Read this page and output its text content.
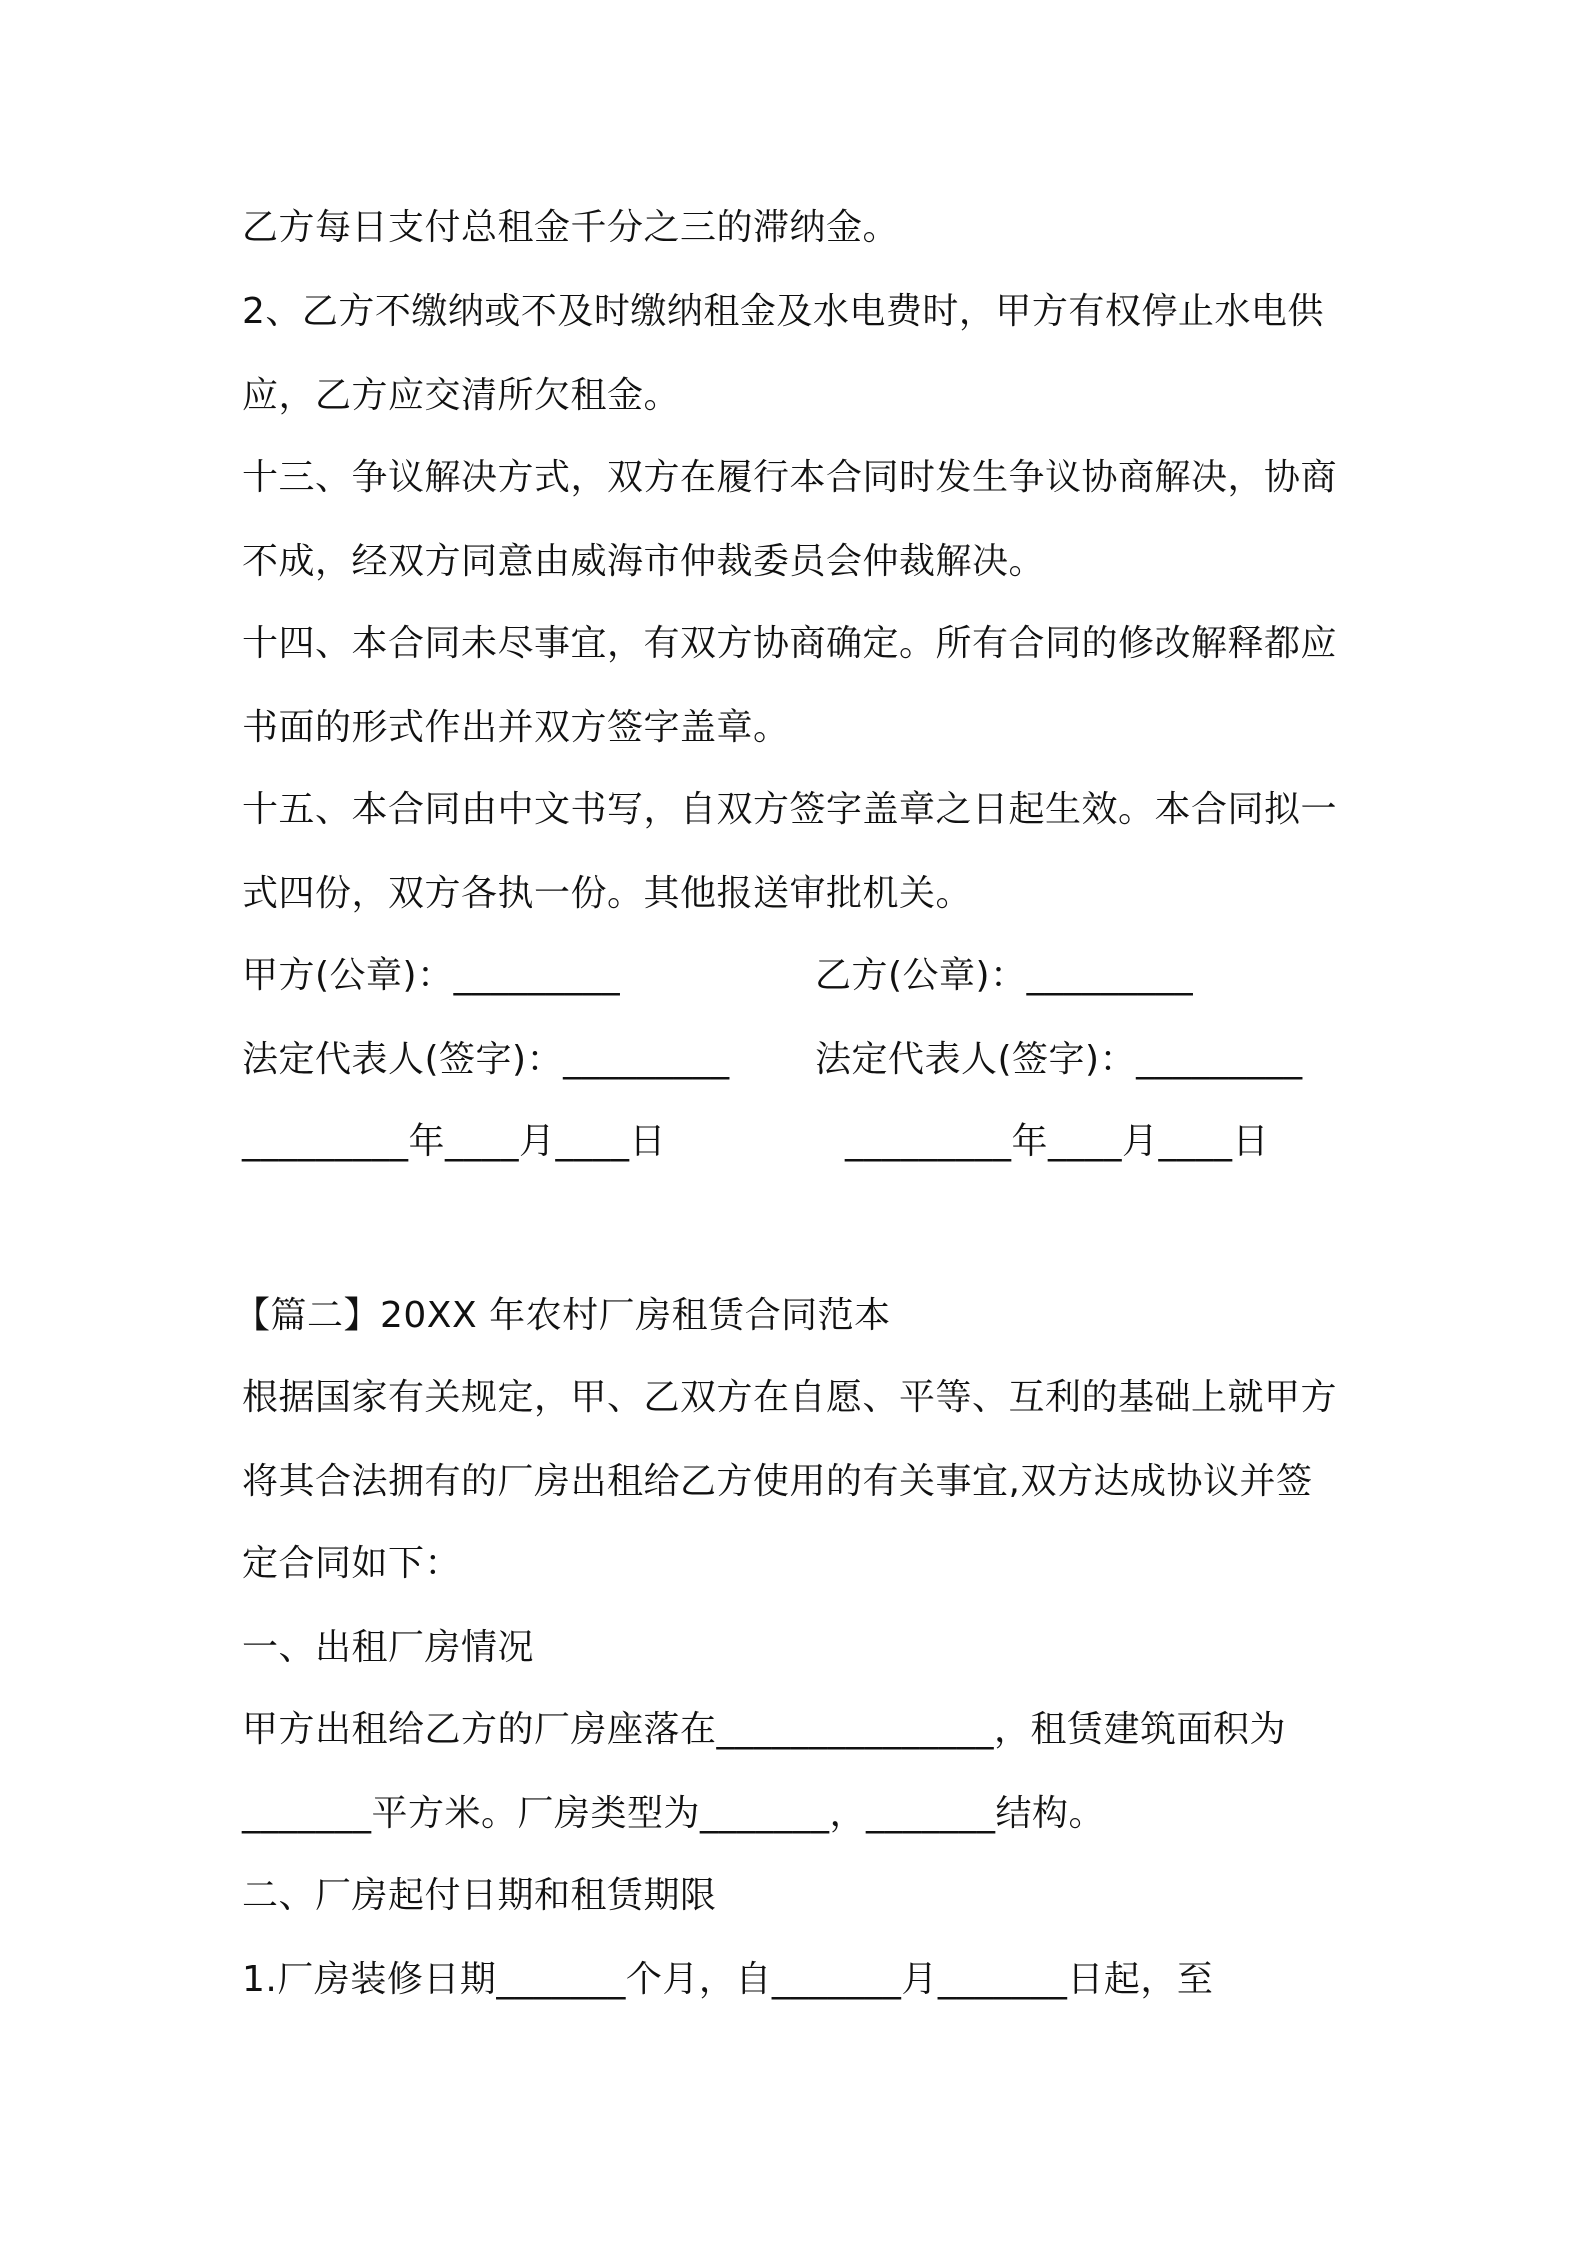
乙方每日支付总租金千分之三的滞纳金。
2、乙方不缴纳或不及时缴纳租金及水电费时，甲方有权停止水电供
应，乙方应交清所欠租金。
十三、争议解决方式，双方在履行本合同时发生争议协商解决，协商
不成，经双方同意由威海市仲裁委员会仲裁解决。
十四、本合同未尽事宜，有双方协商确定。所有合同的修改解释都应
书面的形式作出并双方签字盖章。
十五、本合同由中文书写，自双方签字盖章之日起生效。本合同拟一
式四份，双方各执一份。其他报送审批机关。
甲方(公章)：_________	乙方(公章)：_________
法定代表人(签字)：_________ 法定代表人(签字)：_________
_________年____月____日	_________年____月____日
【篇二】20XX 年农村厂房租赁合同范本
根据国家有关规定，甲、乙双方在自愿、平等、互利的基础上就甲方
将其合法拥有的厂房出租给乙方使用的有关事宜,双方达成协议并签
定合同如下：
一、出租厂房情况
甲方出租给乙方的厂房座落在_______________，租赁建筑面积为
_______平方米。厂房类型为_______，_______结构。
二、厂房起付日期和租赁期限
1.厂房装修日期_______个月，自_______月_______日起，至
